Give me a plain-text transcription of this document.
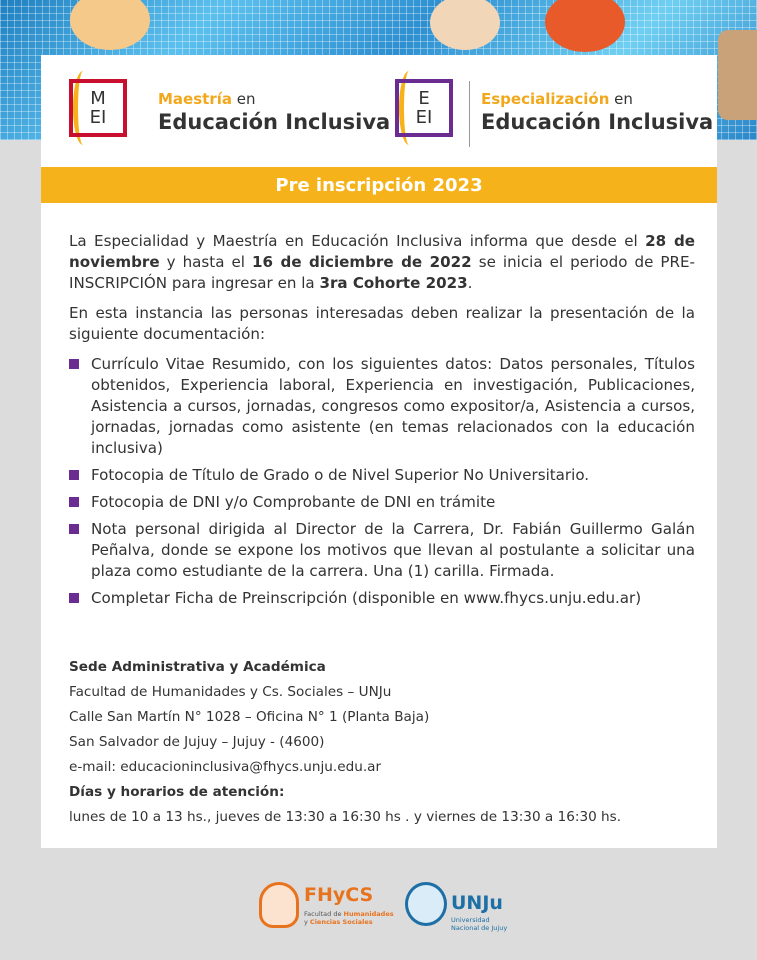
M
EI
Maestría en
Educación Inclusiva
E
EI
Especialización en
Educación Inclusiva
Pre inscripción 2023

La Especialidad y Maestría en Educación Inclusiva informa que desde el 28 de noviembre y hasta el 16 de diciembre de 2022 se inicia el periodo de PRE-INSCRIPCIÓN para ingresar en la 3ra Cohorte 2023.

En esta instancia las personas interesadas deben realizar la presentación de la siguiente documentación:

Currículo Vitae Resumido, con los siguientes datos: Datos personales, Títulos obtenidos, Experiencia laboral, Experiencia en investigación, Publicaciones, Asistencia a cursos, jornadas, congresos como expositor/a, Asistencia a cursos, jornadas, jornadas como asistente (en temas relacionados con la educación inclusiva)
Fotocopia de Título de Grado o de Nivel Superior No Universitario.
Fotocopia de DNI y/o Comprobante de DNI en trámite
Nota personal dirigida al Director de la Carrera, Dr. Fabián Guillermo Galán Peñalva, donde se expone los motivos que llevan al postulante a solicitar una plaza como estudiante de la carrera. Una (1) carilla. Firmada.
Completar Ficha de Preinscripción (disponible en www.fhycs.unju.edu.ar)
Sede Administrativa y Académica
Facultad de Humanidades y Cs. Sociales – UNJu
Calle San Martín N° 1028 – Oficina N° 1 (Planta Baja)
San Salvador de Jujuy – Jujuy - (4600)
e-mail: educacioninclusiva@fhycs.unju.edu.ar
Días y horarios de atención:
lunes de 10 a 13 hs., jueves de 13:30 a 16:30 hs . y viernes de 13:30 a 16:30 hs.
FHyCS
Facultad de Humanidades
y Ciencias Sociales
UNJu
Universidad
Nacional de Jujuy
